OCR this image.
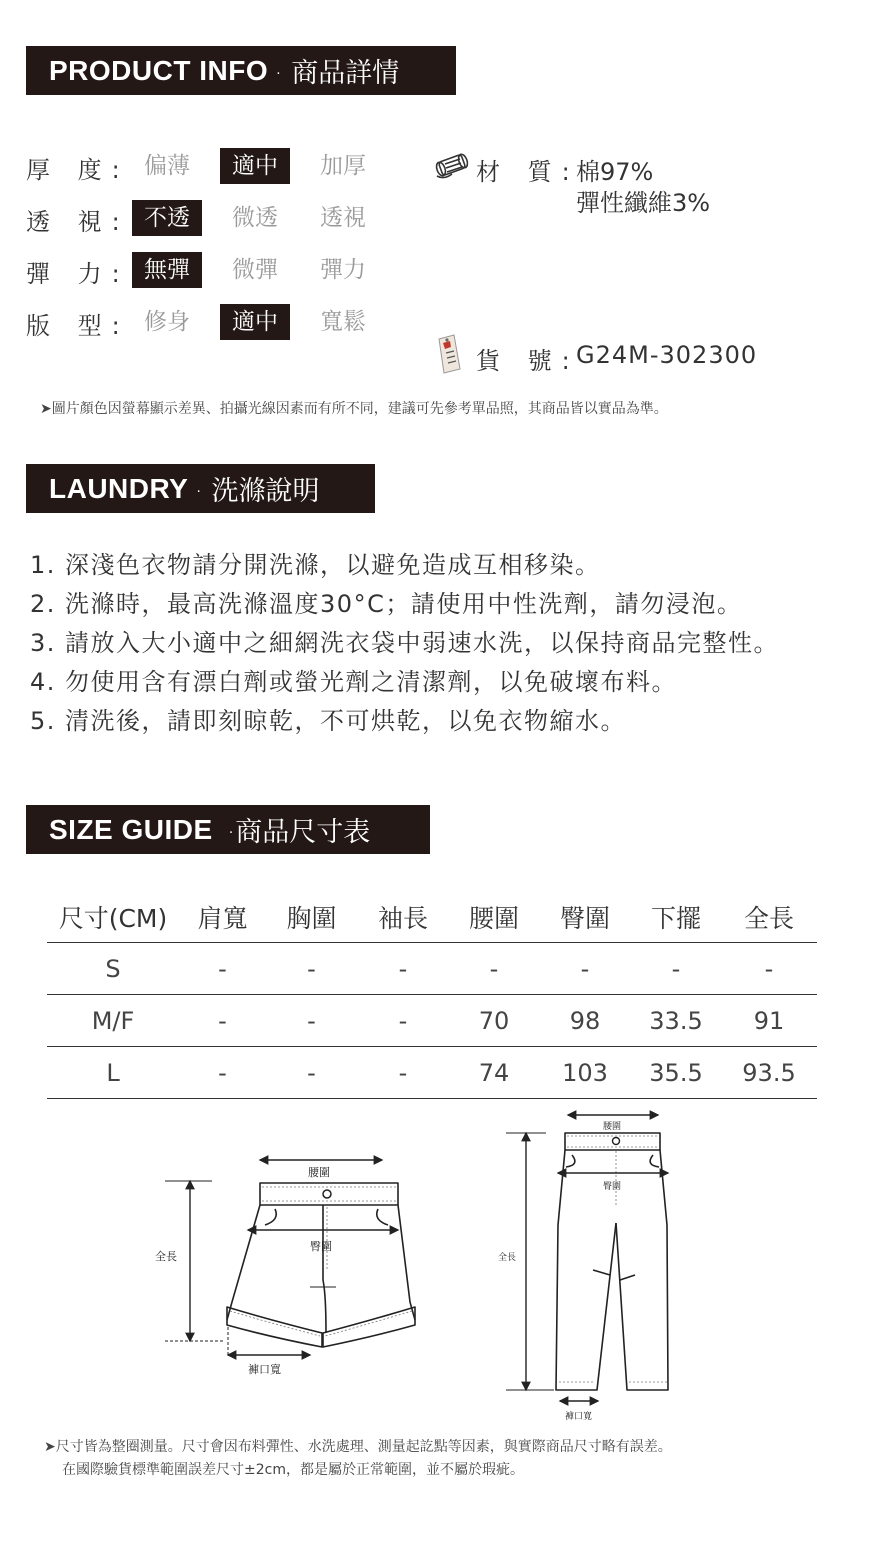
PRODUCT INFO · 商品詳情
厚 度: 偏薄	適中	加厚
透 視: 不透	微透	透視
彈 力: 無彈	微彈	彈力
版 型: 修身	適中	寬鬆
材 質:
棉97%
彈性纖維3%
貨 號:
G24M-302300
➤圖片顏色因螢幕顯示差異、拍攝光線因素而有所不同，建議可先參考單品照，其商品皆以實品為準。
LAUNDRY · 洗滌說明
1. 深淺色衣物請分開洗滌，以避免造成互相移染。
2. 洗滌時，最高洗滌溫度30°C；請使用中性洗劑，請勿浸泡。
3. 請放入大小適中之細網洗衣袋中弱速水洗，以保持商品完整性。
4. 勿使用含有漂白劑或螢光劑之清潔劑，以免破壞布料。
5. 清洗後，請即刻晾乾，不可烘乾，以免衣物縮水。
SIZE GUIDE ·商品尺寸表
尺寸(CM)	肩寬	胸圍	袖長	腰圍	臀圍	下擺	全長
S	-	-	-	-	-	-	-
M/F	-	-	-	70	98	33.5	91
L	-	-	-	74	103	35.5	93.5
腰圍
臀圍
全長
褲口寬
腰圍
臀圍
全長
褲口寬
➤尺寸皆為整圈測量。尺寸會因布料彈性、水洗處理、測量起訖點等因素，與實際商品尺寸略有誤差。
在國際驗貨標準範圍誤差尺寸±2cm，都是屬於正常範圍，並不屬於瑕疵。
